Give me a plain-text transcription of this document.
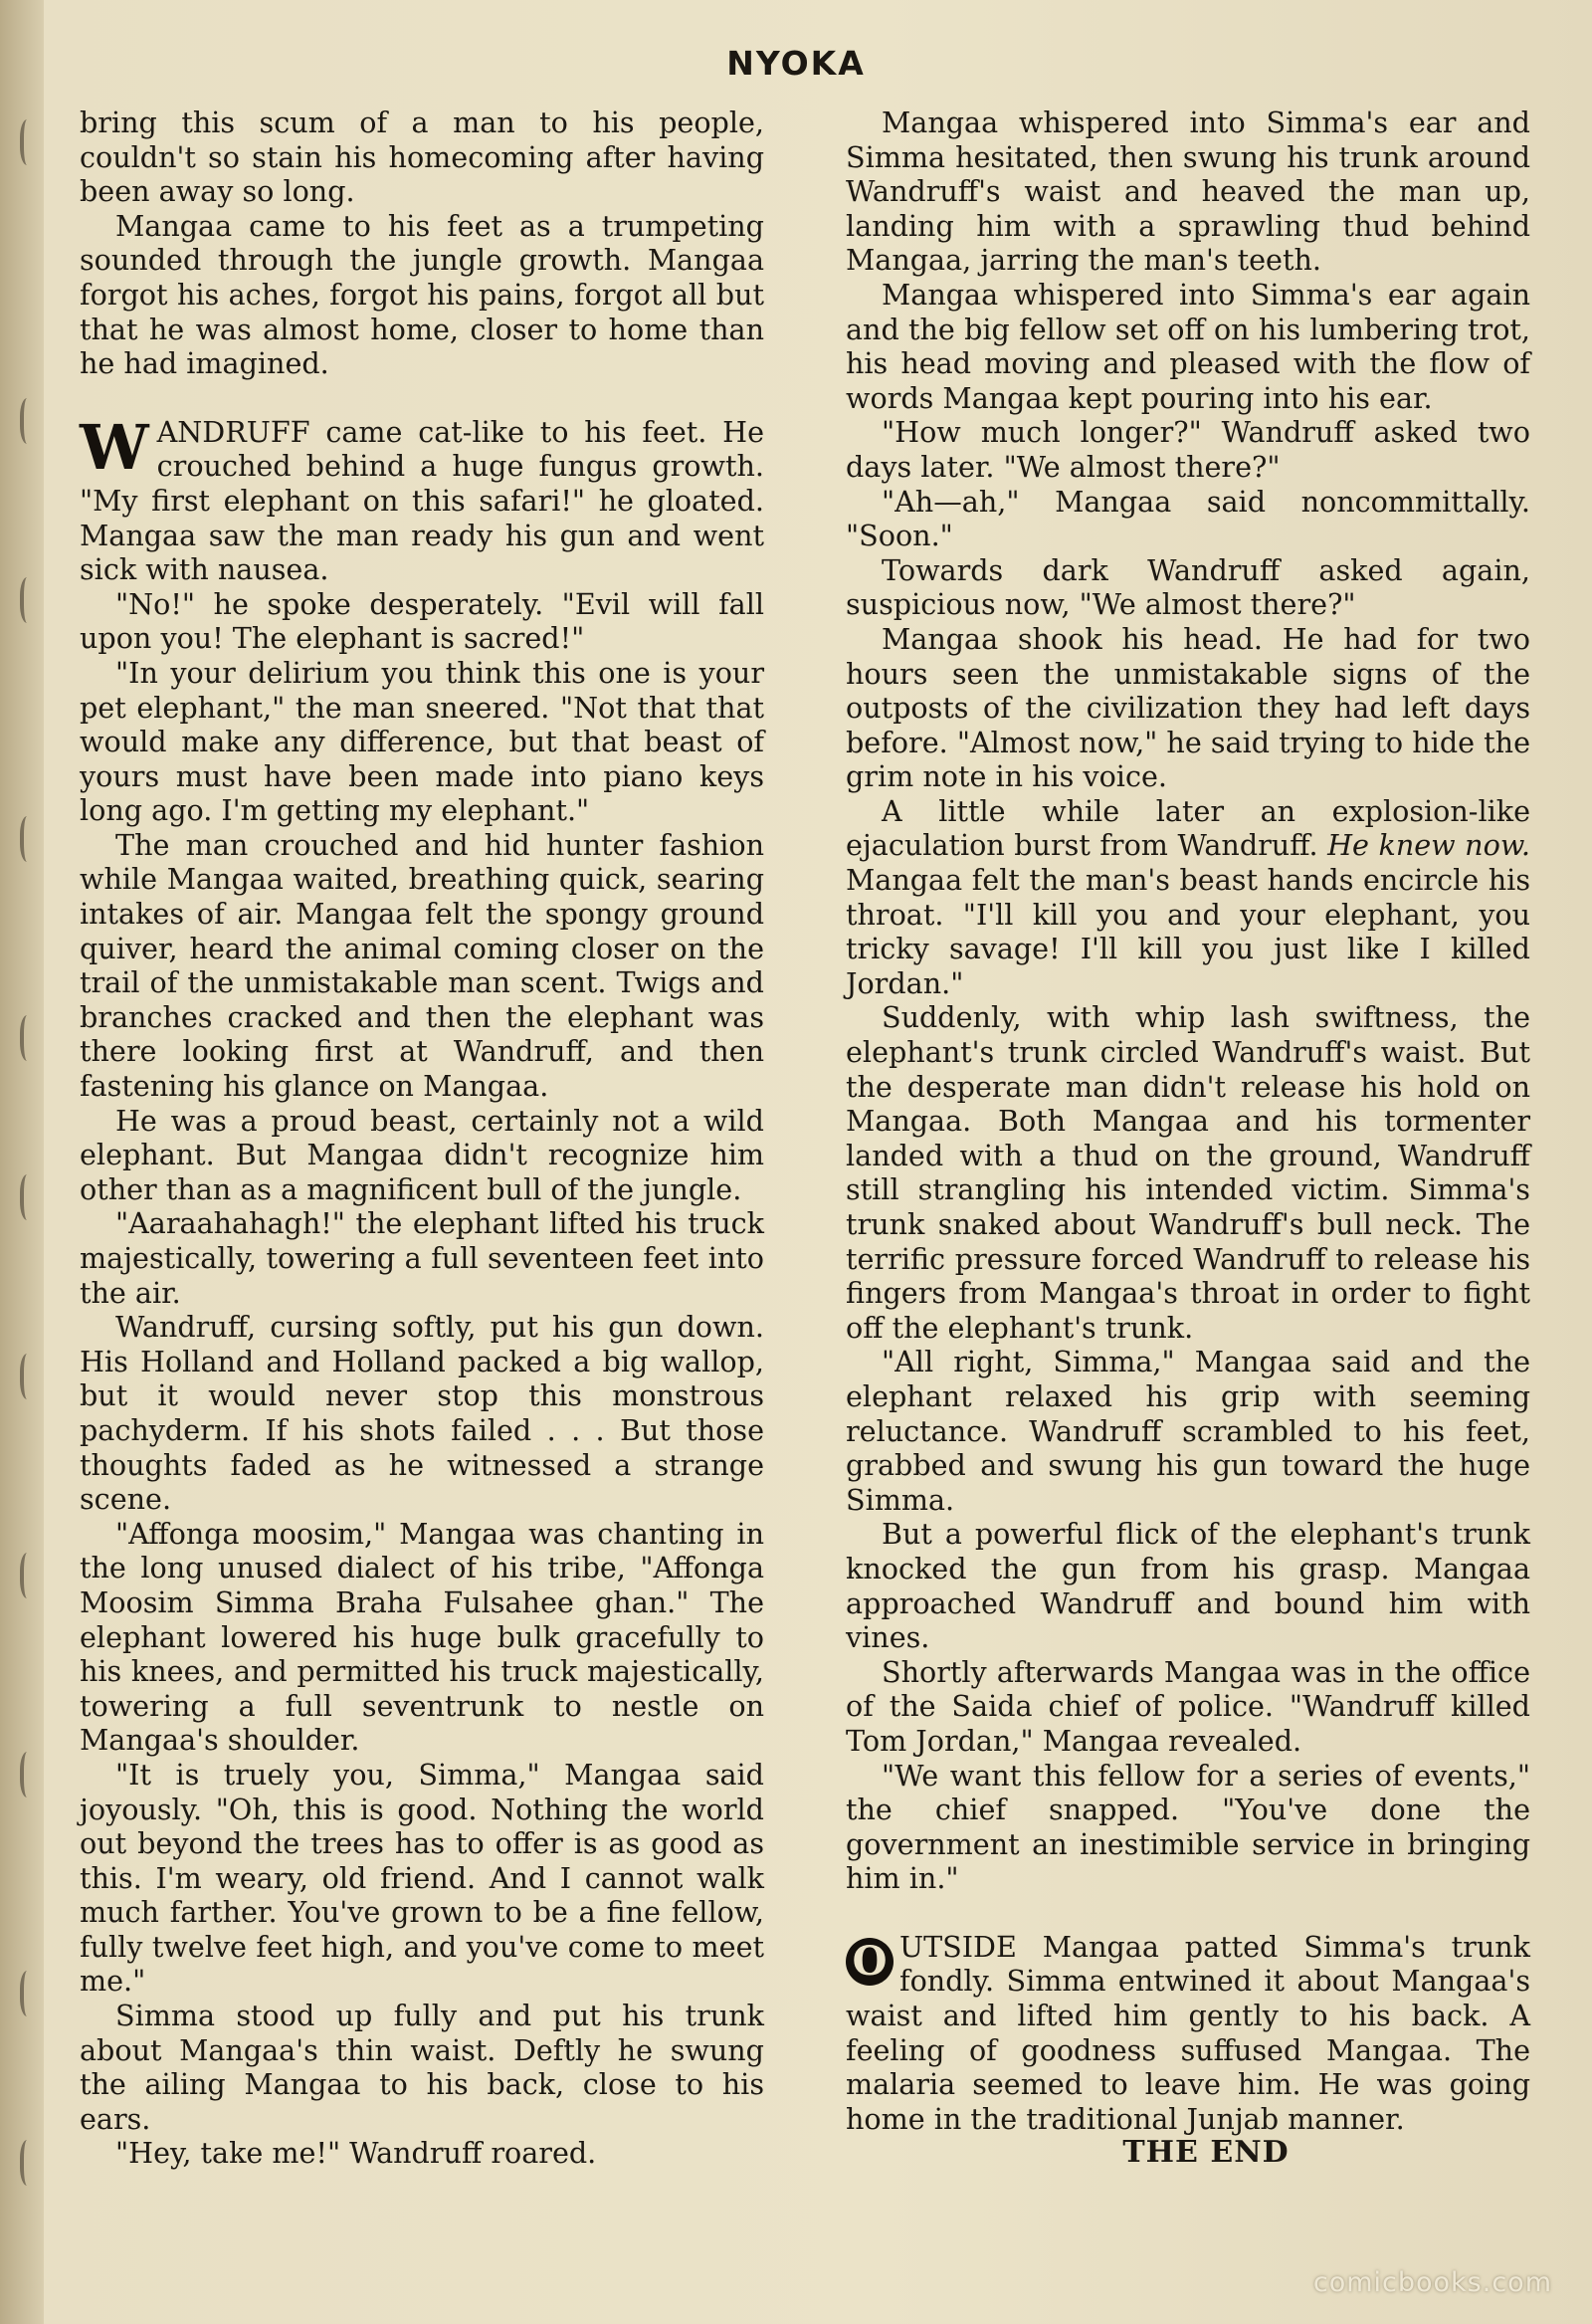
NYOKA

bring this scum of a man to his people, couldn't so stain his homecoming after having been away so long.

Mangaa came to his feet as a trumpeting sounded through the jungle growth. Mangaa forgot his aches, forgot his pains, forgot all but that he was almost home, closer to home than he had imagined.

WANDRUFF came cat-like to his feet. He crouched behind a huge fungus growth. "My first elephant on this safari!" he gloated. Mangaa saw the man ready his gun and went sick with nausea.

"No!" he spoke desperately. "Evil will fall upon you! The elephant is sacred!"

"In your delirium you think this one is your pet elephant," the man sneered. "Not that that would make any difference, but that beast of yours must have been made into piano keys long ago. I'm getting my elephant."

The man crouched and hid hunter fashion while Mangaa waited, breathing quick, searing intakes of air. Mangaa felt the spongy ground quiver, heard the animal coming closer on the trail of the unmistakable man scent. Twigs and branches cracked and then the elephant was there looking first at Wandruff, and then fastening his glance on Mangaa.

He was a proud beast, certainly not a wild elephant. But Mangaa didn't recognize him other than as a magnificent bull of the jungle.

"Aaraahahagh!" the elephant lifted his truck majestically, towering a full seventeen feet into the air.

Wandruff, cursing softly, put his gun down. His Holland and Holland packed a big wallop, but it would never stop this monstrous pachyderm. If his shots failed . . . But those thoughts faded as he witnessed a strange scene.

"Affonga moosim," Mangaa was chanting in the long unused dialect of his tribe, "Affonga Moosim Simma Braha Fulsahee ghan." The elephant lowered his huge bulk gracefully to his knees, and permitted his truck majestically, towering a full seventrunk to nestle on Mangaa's shoulder.

"It is truely you, Simma," Mangaa said joyously. "Oh, this is good. Nothing the world out beyond the trees has to offer is as good as this. I'm weary, old friend. And I cannot walk much farther. You've grown to be a fine fellow, fully twelve feet high, and you've come to meet me."

Simma stood up fully and put his trunk about Mangaa's thin waist. Deftly he swung the ailing Mangaa to his back, close to his ears.

"Hey, take me!" Wandruff roared.

Mangaa whispered into Simma's ear and Simma hesitated, then swung his trunk around Wandruff's waist and heaved the man up, landing him with a sprawling thud behind Mangaa, jarring the man's teeth.

Mangaa whispered into Simma's ear again and the big fellow set off on his lumbering trot, his head moving and pleased with the flow of words Mangaa kept pouring into his ear.

"How much longer?" Wandruff asked two days later. "We almost there?"

"Ah—ah," Mangaa said noncommittally. "Soon."

Towards dark Wandruff asked again, suspicious now, "We almost there?"

Mangaa shook his head. He had for two hours seen the unmistakable signs of the outposts of the civilization they had left days before. "Almost now," he said trying to hide the grim note in his voice.

A little while later an explosion-like ejaculation burst from Wandruff. He knew now. Mangaa felt the man's beast hands encircle his throat. "I'll kill you and your elephant, you tricky savage! I'll kill you just like I killed Jordan."

Suddenly, with whip lash swiftness, the elephant's trunk circled Wandruff's waist. But the desperate man didn't release his hold on Mangaa. Both Mangaa and his tormenter landed with a thud on the ground, Wandruff still strangling his intended victim. Simma's trunk snaked about Wandruff's bull neck. The terrific pressure forced Wandruff to release his fingers from Mangaa's throat in order to fight off the elephant's trunk.

"All right, Simma," Mangaa said and the elephant relaxed his grip with seeming reluctance. Wandruff scrambled to his feet, grabbed and swung his gun toward the huge Simma.

But a powerful flick of the elephant's trunk knocked the gun from his grasp. Mangaa approached Wandruff and bound him with vines.

Shortly afterwards Mangaa was in the office of the Saida chief of police. "Wandruff killed Tom Jordan," Mangaa revealed.

"We want this fellow for a series of events," the chief snapped. "You've done the government an inestimible service in bringing him in."

O UTSIDE Mangaa patted Simma's trunk fondly. Simma entwined it about Mangaa's waist and lifted him gently to his back. A feeling of goodness suffused Mangaa. The malaria seemed to leave him. He was going home in the traditional Junjab manner.

THE END

comicbooks.com
